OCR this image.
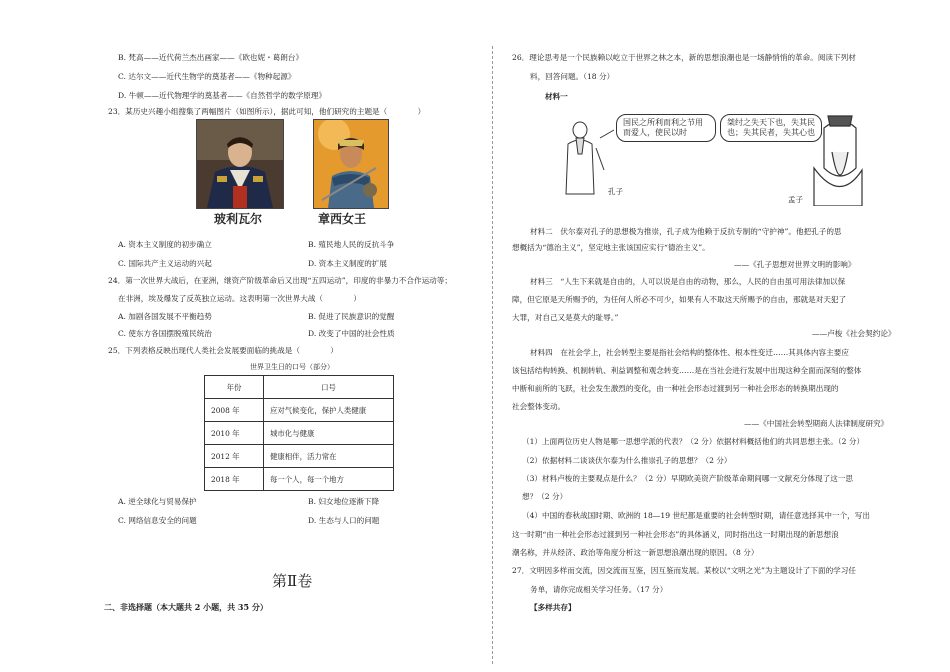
B. 梵高——近代荷兰杰出画家——《欧也妮・葛朗台》
C. 达尔文——近代生物学的奠基者——《物种起源》
D. 牛顿——近代物理学的奠基者——《自然哲学的数学原理》
23．某历史兴趣小组搜集了两幅图片（如图所示），据此可知，他们研究的主题是（　　　　）
玻利瓦尔	章西女王
A. 资本主义制度的初步确立	B. 殖民地人民的反抗斗争
C. 国际共产主义运动的兴起	D. 资本主义制度的扩展
24．第一次世界大战后，在亚洲，继资产阶级革命后又出现“五四运动”，印度的非暴力不合作运动等；
在非洲，埃及爆发了反英独立运动。这表明第一次世界大战（　　　　）
A. 加剧各国发展不平衡趋势	B. 促进了民族意识的觉醒
C. 使东方各国摆脱殖民统治	D. 改变了中国的社会性质
25．下列表格反映出现代人类社会发展要面临的挑战是（　　　　）
世界卫生日的口号（部分）
年份	口号
2008 年	应对气候变化，保护人类健康
2010 年	城市化与健康
2012 年	健康相伴，活力常在
2018 年	每一个人，每一个地方
A. 逆全球化与贸易保护	B. 妇女地位逐渐下降
C. 网络信息安全的问题	D. 生态与人口的问题
第Ⅱ卷
二、非选择题（本大题共 2 小题，共 35 分）
26．理论思考是一个民族赖以屹立于世界之林之本，新的思想浪潮也是一场静悄悄的革命。阅读下列材
料，回答问题。（18 分）
材料一
国民之所利而利之节用而爱人，使民以时
桀纣之失天下也，失其民也；失其民者，失其心也
孔子
孟子
材料二　伏尔泰对孔子的思想极为推崇，孔子成为他赖于反抗专制的“守护神”。他把孔子的思
想概括为“德治主义”，坚定地主张该国应实行“德治主义”。
——《孔子思想对世界文明的影响》
材料三　“人生下来就是自由的，人可以说是自由的动物，那么，人民的自由虽可用法律加以保
障，但它原是天所赐予的，为任何人所必不可少，如果有人不取这天所赐予的自由，那就是对天犯了
大罪，对自己又是莫大的耻辱。”
——卢梭《社会契约论》
材料四　在社会学上，社会转型主要是指社会结构的整体性、根本性变迁……其具体内容主要应
该包括结构转换、机制转轨、利益调整和观念转变……是在当社会进行发展中出现这种全面而深刻的整体
中断和前所的飞跃，社会发生激烈的变化，由一种社会形态过渡到另一种社会形态的转换期出现的
社会整体变动。
——《中国社会转型期商人法律制度研究》
（1）上面两位历史人物是哪一思想学派的代表？（2 分）依据材料概括他们的共同思想主张。（2 分）
（2）依据材料二谈谈伏尔泰为什么推崇孔子的思想？（2 分）
（3）材料卢梭的主要观点是什么？（2 分）早期欧美资产阶级革命期间哪一文献充分体现了这一思
想？（2 分）
（4）中国的春秋战国时期、欧洲的 18—19 世纪都是重要的社会转型时期，请任意选择其中一个，写出
这一时期“由一种社会形态过渡到另一种社会形态”的具体涵义，同时指出这一时期出现的新思想浪
潮名称，并从经济、政治等角度分析这一新思想浪潮出现的原因。（8 分）
27．文明因多样而交流，因交流而互鉴，因互鉴而发展。某校以“文明之光”为主题设计了下面的学习任
务单，请你完成相关学习任务。（17 分）
【多样共存】
